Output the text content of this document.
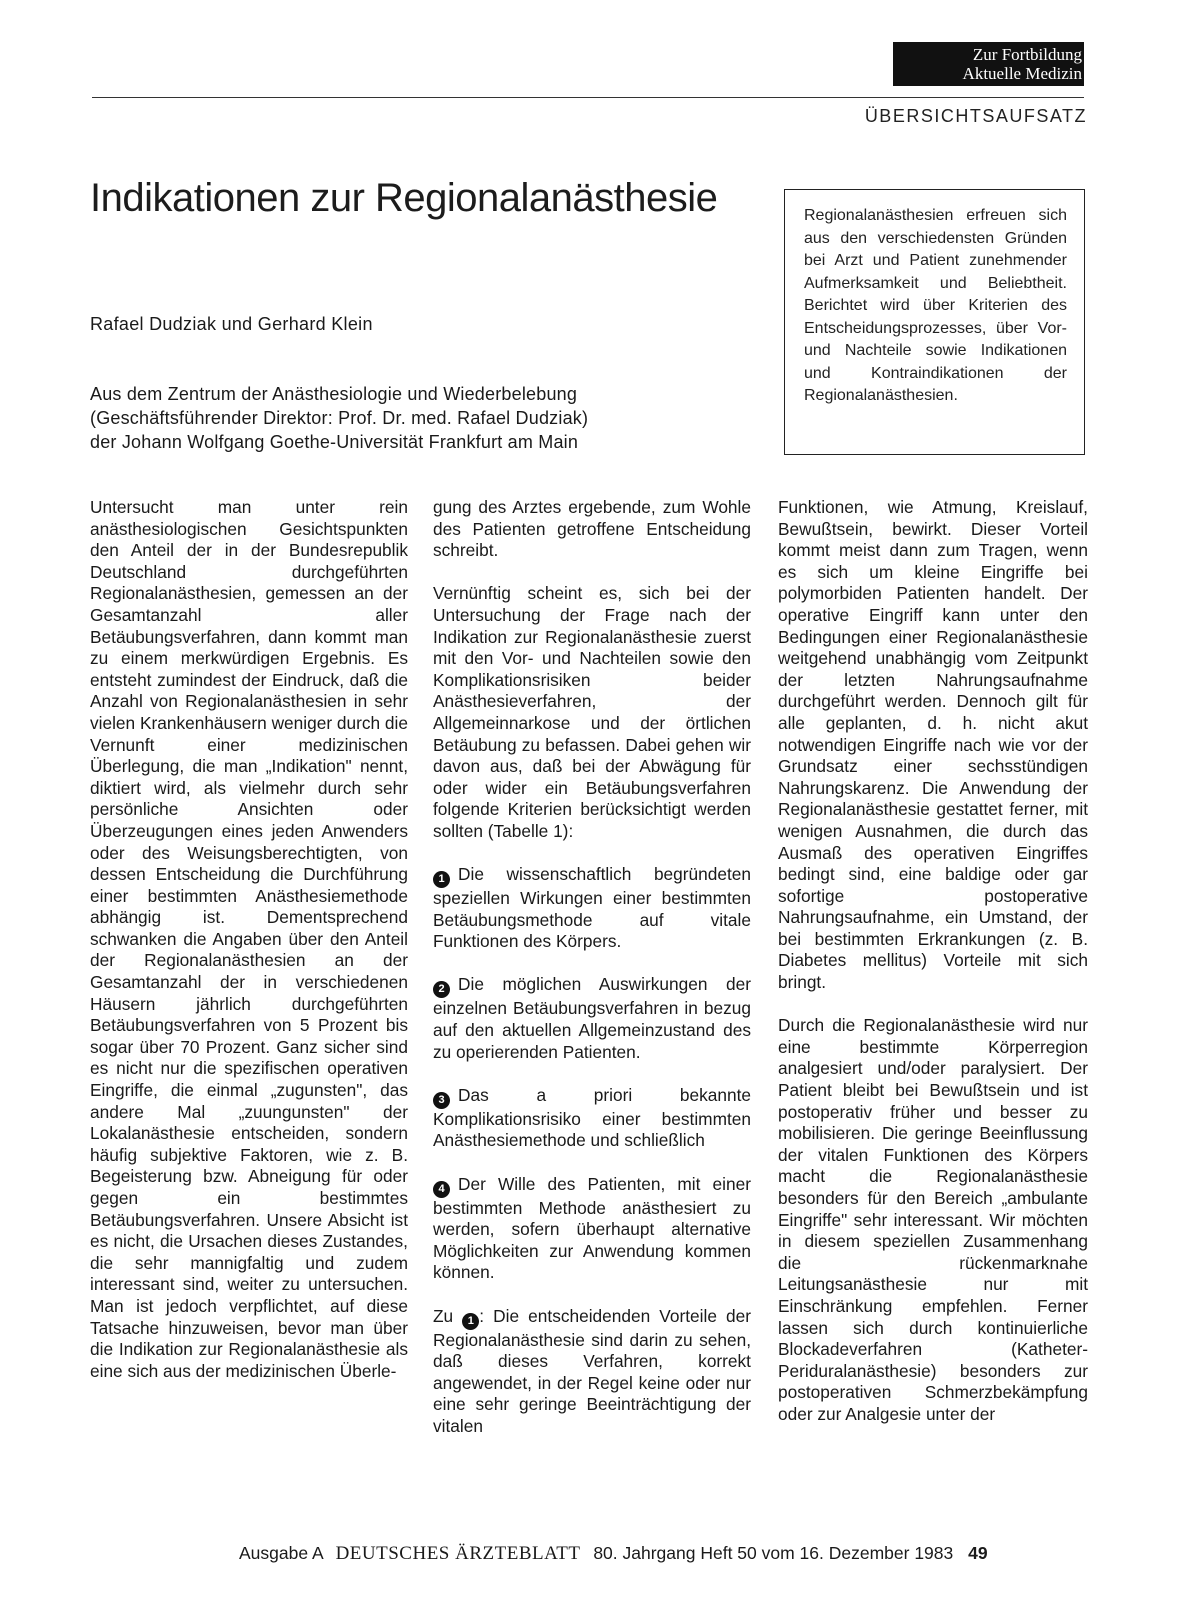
Zur Fortbildung
Aktuelle Medizin
ÜBERSICHTSAUFSATZ
Indikationen zur Regionalanästhesie
Rafael Dudziak und Gerhard Klein
Aus dem Zentrum der Anästhesiologie und Wiederbelebung
(Geschäftsführender Direktor: Prof. Dr. med. Rafael Dudziak)
der Johann Wolfgang Goethe-Universität Frankfurt am Main
Regionalanästhesien erfreuen sich aus den verschiedensten Gründen bei Arzt und Patient zunehmender Aufmerksamkeit und Beliebtheit. Berichtet wird über Kriterien des Entscheidungsprozesses, über Vor- und Nachteile sowie Indikationen und Kontraindikationen der Regionalanästhesien.

Untersucht man unter rein anästhesiologischen Gesichtspunkten den Anteil der in der Bundesrepublik Deutschland durchgeführten Regionalanästhesien, gemessen an der Gesamtanzahl aller Betäubungsverfahren, dann kommt man zu einem merkwürdigen Ergebnis. Es entsteht zumindest der Eindruck, daß die Anzahl von Regionalanästhesien in sehr vielen Krankenhäusern weniger durch die Vernunft einer medizinischen Überlegung, die man „Indikation" nennt, diktiert wird, als vielmehr durch sehr persönliche Ansichten oder Überzeugungen eines jeden Anwenders oder des Weisungsberechtigten, von dessen Entscheidung die Durchführung einer bestimmten Anästhesiemethode abhängig ist. Dementsprechend schwanken die Angaben über den Anteil der Regionalanästhesien an der Gesamtanzahl der in verschiedenen Häusern jährlich durchgeführten Betäubungsverfahren von 5 Prozent bis sogar über 70 Prozent. Ganz sicher sind es nicht nur die spezifischen operativen Eingriffe, die einmal „zugunsten", das andere Mal „zuungunsten" der Lokalanästhesie entscheiden, sondern häufig subjektive Faktoren, wie z. B. Begeisterung bzw. Abneigung für oder gegen ein bestimmtes Betäubungsverfahren. Unsere Absicht ist es nicht, die Ursachen dieses Zustandes, die sehr mannigfaltig und zudem interessant sind, weiter zu untersuchen. Man ist jedoch verpflichtet, auf diese Tatsache hinzuweisen, bevor man über die Indikation zur Regionalanästhesie als eine sich aus der medizinischen Überle-

gung des Arztes ergebende, zum Wohle des Patienten getroffene Entscheidung schreibt.

Vernünftig scheint es, sich bei der Untersuchung der Frage nach der Indikation zur Regionalanästhesie zuerst mit den Vor- und Nachteilen sowie den Komplikationsrisiken beider Anästhesieverfahren, der Allgemeinnarkose und der örtlichen Betäubung zu befassen. Dabei gehen wir davon aus, daß bei der Abwägung für oder wider ein Betäubungsverfahren folgende Kriterien berücksichtigt werden sollten (Tabelle 1):

1 Die wissenschaftlich begründeten speziellen Wirkungen einer bestimmten Betäubungsmethode auf vitale Funktionen des Körpers.

2 Die möglichen Auswirkungen der einzelnen Betäubungsverfahren in bezug auf den aktuellen Allgemeinzustand des zu operierenden Patienten.

3 Das a priori bekannte Komplikationsrisiko einer bestimmten Anästhesiemethode und schließlich

4 Der Wille des Patienten, mit einer bestimmten Methode anästhesiert zu werden, sofern überhaupt alternative Möglichkeiten zur Anwendung kommen können.

Zu 1 : Die entscheidenden Vorteile der Regionalanästhesie sind darin zu sehen, daß dieses Verfahren, korrekt angewendet, in der Regel keine oder nur eine sehr geringe Beeinträchtigung der vitalen

Funktionen, wie Atmung, Kreislauf, Bewußtsein, bewirkt. Dieser Vorteil kommt meist dann zum Tragen, wenn es sich um kleine Eingriffe bei polymorbiden Patienten handelt. Der operative Eingriff kann unter den Bedingungen einer Regionalanästhesie weitgehend unabhängig vom Zeitpunkt der letzten Nahrungsaufnahme durchgeführt werden. Dennoch gilt für alle geplanten, d. h. nicht akut notwendigen Eingriffe nach wie vor der Grundsatz einer sechsstündigen Nahrungskarenz. Die Anwendung der Regionalanästhesie gestattet ferner, mit wenigen Ausnahmen, die durch das Ausmaß des operativen Eingriffes bedingt sind, eine baldige oder gar sofortige postoperative Nahrungsaufnahme, ein Umstand, der bei bestimmten Erkrankungen (z. B. Diabetes mellitus) Vorteile mit sich bringt.

Durch die Regionalanästhesie wird nur eine bestimmte Körperregion analgesiert und/oder paralysiert. Der Patient bleibt bei Bewußtsein und ist postoperativ früher und besser zu mobilisieren. Die geringe Beeinflussung der vitalen Funktionen des Körpers macht die Regionalanästhesie besonders für den Bereich „ambulante Eingriffe" sehr interessant. Wir möchten in diesem speziellen Zusammenhang die rückenmarknahe Leitungsanästhesie nur mit Einschränkung empfehlen. Ferner lassen sich durch kontinuierliche Blockadeverfahren (Katheter-Periduralanästhesie) besonders zur postoperativen Schmerzbekämpfung oder zur Analgesie unter der

Ausgabe A DEUTSCHES ÄRZTEBLATT 80. Jahrgang Heft 50 vom 16. Dezember 1983 49
